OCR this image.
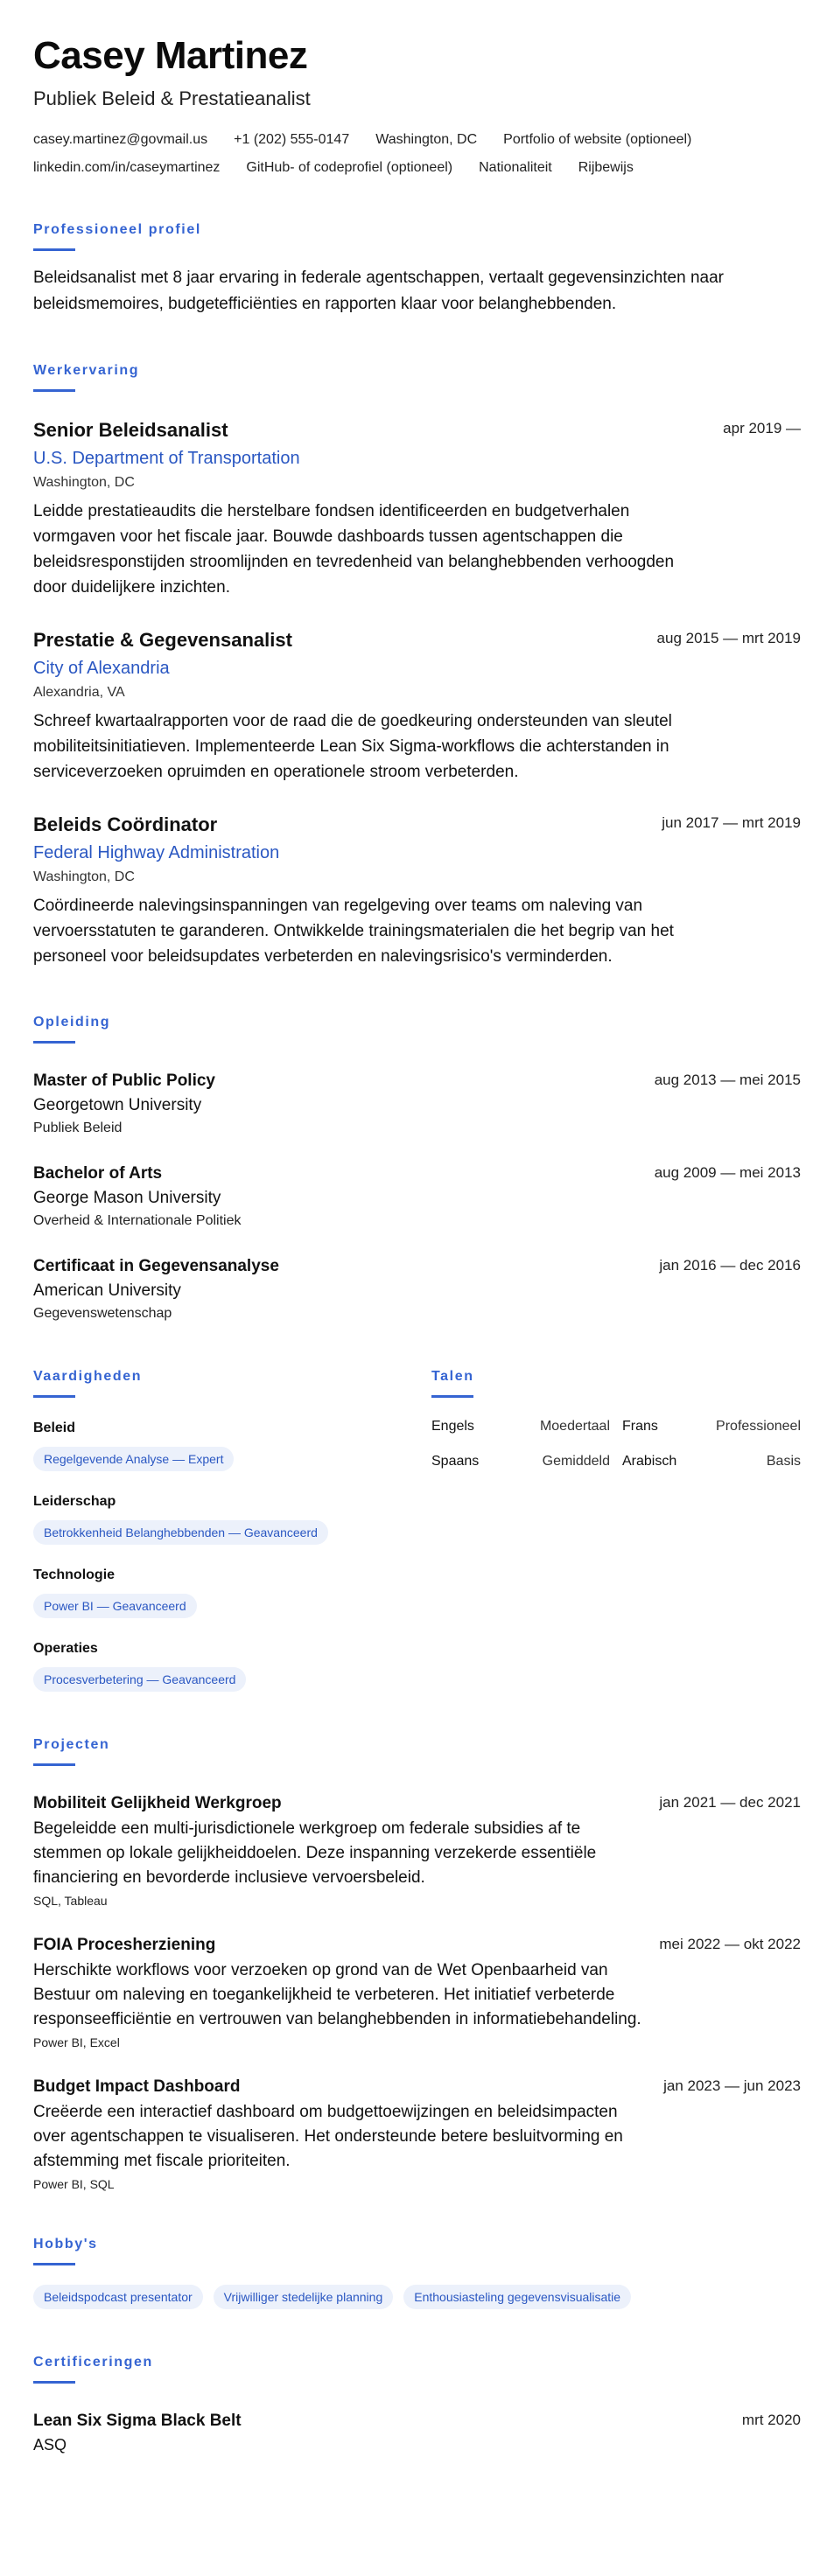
Casey Martinez
Publiek Beleid & Prestatieanalist
casey.martinez@govmail.us +1 (202) 555-0147 Washington, DC Portfolio of website (optioneel)
linkedin.com/in/caseymartinez GitHub- of codeprofiel (optioneel) Nationaliteit Rijbewijs
Professioneel profiel
Beleidsanalist met 8 jaar ervaring in federale agentschappen, vertaalt gegevensinzichten naar beleidsmemoires, budgetefficiënties en rapporten klaar voor belanghebbenden.
Werkervaring
Senior Beleidsanalist	apr 2019 —
U.S. Department of Transportation
Washington, DC
Leidde prestatieaudits die herstelbare fondsen identificeerden en budgetverhalen vormgaven voor het fiscale jaar. Bouwde dashboards tussen agentschappen die beleidsresponstijden stroomlijnden en tevredenheid van belanghebbenden verhoogden door duidelijkere inzichten.
Prestatie & Gegevensanalist	aug 2015 — mrt 2019
City of Alexandria
Alexandria, VA
Schreef kwartaalrapporten voor de raad die de goedkeuring ondersteunden van sleutel mobiliteitsinitiatieven. Implementeerde Lean Six Sigma-workflows die achterstanden in serviceverzoeken opruimden en operationele stroom verbeterden.
Beleids Coördinator	jun 2017 — mrt 2019
Federal Highway Administration
Washington, DC
Coördineerde nalevingsinspanningen van regelgeving over teams om naleving van vervoersstatuten te garanderen. Ontwikkelde trainingsmaterialen die het begrip van het personeel voor beleidsupdates verbeterden en nalevingsrisico's verminderden.
Opleiding
Master of Public Policy	aug 2013 — mei 2015
Georgetown University
Publiek Beleid
Bachelor of Arts	aug 2009 — mei 2013
George Mason University
Overheid & Internationale Politiek
Certificaat in Gegevensanalyse	jan 2016 — dec 2016
American University
Gegevenswetenschap
Vaardigheden
Beleid
Regelgevende Analyse — Expert
Leiderschap
Betrokkenheid Belanghebbenden — Geavanceerd
Technologie
Power BI — Geavanceerd
Operaties
Procesverbetering — Geavanceerd
Talen
Engels	Moedertaal Frans	Professioneel
Spaans	Gemiddeld Arabisch	Basis
Projecten
Mobiliteit Gelijkheid Werkgroep	jan 2021 — dec 2021
Begeleidde een multi-jurisdictionele werkgroep om federale subsidies af te stemmen op lokale gelijkheiddoelen. Deze inspanning verzekerde essentiële financiering en bevorderde inclusieve vervoersbeleid.
SQL, Tableau
FOIA Procesherziening	mei 2022 — okt 2022
Herschikte workflows voor verzoeken op grond van de Wet Openbaarheid van Bestuur om naleving en toegankelijkheid te verbeteren. Het initiatief verbeterde responseefficiëntie en vertrouwen van belanghebbenden in informatiebehandeling.
Power BI, Excel
Budget Impact Dashboard	jan 2023 — jun 2023
Creëerde een interactief dashboard om budgettoewijzingen en beleidsimpacten over agentschappen te visualiseren. Het ondersteunde betere besluitvorming en afstemming met fiscale prioriteiten.
Power BI, SQL
Hobby's
Beleidspodcast presentator	Vrijwilliger stedelijke planning	Enthousiasteling gegevensvisualisatie
Certificeringen
Lean Six Sigma Black Belt	mrt 2020
ASQ
